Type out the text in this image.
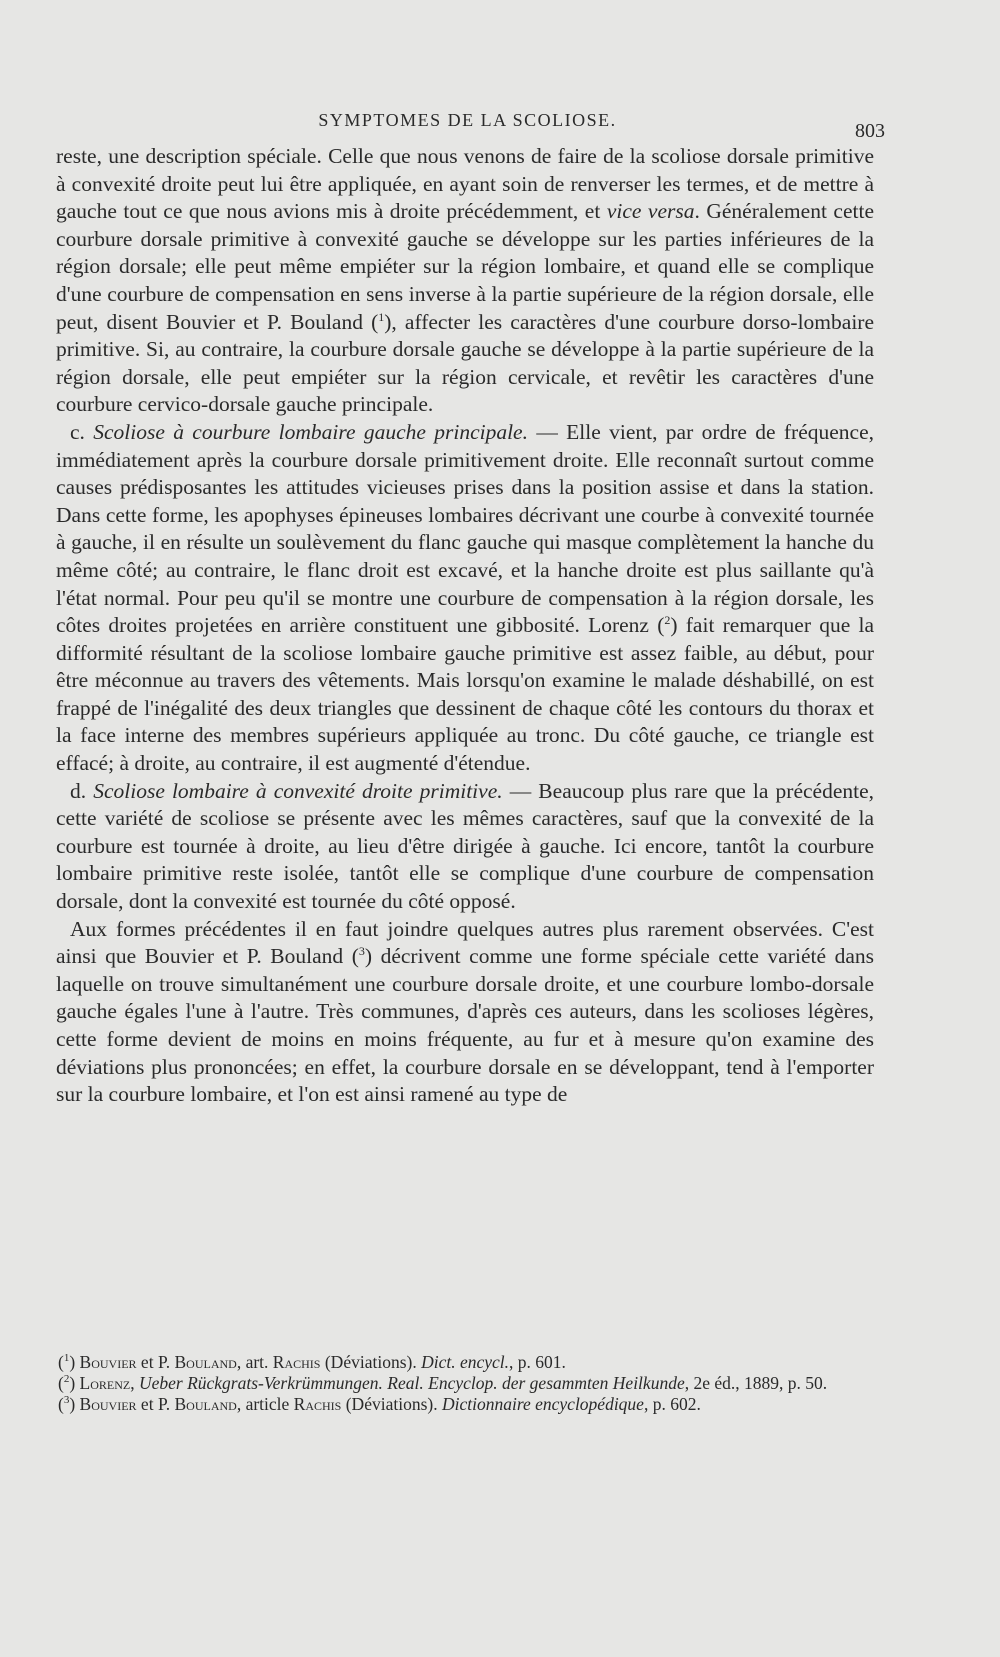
SYMPTOMES DE LA SCOLIOSE.	803

reste, une description spéciale. Celle que nous venons de faire de la scoliose dorsale primitive à convexité droite peut lui être appliquée, en ayant soin de renverser les termes, et de mettre à gauche tout ce que nous avions mis à droite précédemment, et vice versa. Généralement cette courbure dorsale primitive à convexité gauche se développe sur les parties inférieures de la région dorsale; elle peut même empiéter sur la région lombaire, et quand elle se complique d'une courbure de compensation en sens inverse à la partie supérieure de la région dorsale, elle peut, disent Bouvier et P. Bouland ($^1$), affecter les caractères d'une courbure dorso-lombaire primitive. Si, au contraire, la courbure dorsale gauche se développe à la partie supérieure de la région dorsale, elle peut empiéter sur la région cervicale, et revêtir les caractères d'une courbure cervico-dorsale gauche principale.

c. Scoliose à courbure lombaire gauche principale. — Elle vient, par ordre de fréquence, immédiatement après la courbure dorsale primitivement droite. Elle reconnaît surtout comme causes prédisposantes les attitudes vicieuses prises dans la position assise et dans la station. Dans cette forme, les apophyses épineuses lombaires décrivant une courbe à convexité tournée à gauche, il en résulte un soulèvement du flanc gauche qui masque complètement la hanche du même côté; au contraire, le flanc droit est excavé, et la hanche droite est plus saillante qu'à l'état normal. Pour peu qu'il se montre une courbure de compensation à la région dorsale, les côtes droites projetées en arrière constituent une gibbosité. Lorenz ($^2$) fait remarquer que la difformité résultant de la scoliose lombaire gauche primitive est assez faible, au début, pour être méconnue au travers des vêtements. Mais lorsqu'on examine le malade déshabillé, on est frappé de l'inégalité des deux triangles que dessinent de chaque côté les contours du thorax et la face interne des membres supérieurs appliquée au tronc. Du côté gauche, ce triangle est effacé; à droite, au contraire, il est augmenté d'étendue.

d. Scoliose lombaire à convexité droite primitive. — Beaucoup plus rare que la précédente, cette variété de scoliose se présente avec les mêmes caractères, sauf que la convexité de la courbure est tournée à droite, au lieu d'être dirigée à gauche. Ici encore, tantôt la courbure lombaire primitive reste isolée, tantôt elle se complique d'une courbure de compensation dorsale, dont la convexité est tournée du côté opposé.

Aux formes précédentes il en faut joindre quelques autres plus rarement observées. C'est ainsi que Bouvier et P. Bouland ($^3$) décrivent comme une forme spéciale cette variété dans laquelle on trouve simultanément une courbure dorsale droite, et une courbure lombo-dorsale gauche égales l'une à l'autre. Très communes, d'après ces auteurs, dans les scolioses légères, cette forme devient de moins en moins fréquente, au fur et à mesure qu'on examine des déviations plus prononcées; en effet, la courbure dorsale en se développant, tend à l'emporter sur la courbure lombaire, et l'on est ainsi ramené au type de

($^1$) Bouvier et P. Bouland, art. Rachis (Déviations). Dict. encycl., p. 601.

($^2$) Lorenz, Ueber Rückgrats-Verkrümmungen. Real. Encyclop. der gesammten Heilkunde, 2e éd., 1889, p. 50.

($^3$) Bouvier et P. Bouland, article Rachis (Déviations). Dictionnaire encyclopédique, p. 602.
